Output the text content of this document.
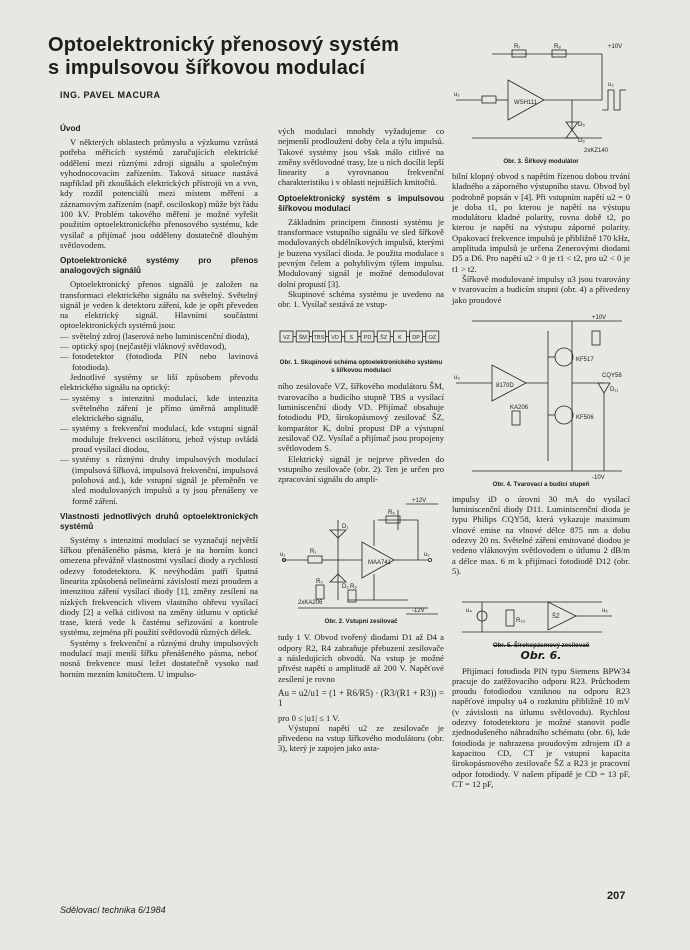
Optoelektronický přenosový systém
s impulsovou šířkovou modulací
ING. PAVEL MACURA
Úvod

V některých oblastech průmyslu a výzkumu vzrůstá potřeba měřicích systémů zaručujících elektrické oddělení mezi různými zdroji signálu a společným vyhodnocovacím zařízením. Taková situace nastává například při zkouškách elektrických přístrojů vn a vvn, kdy rozdíl potenciálů mezi místem měření a záznamovým zařízením (např. osciloskop) může být řádu 100 kV. Problém takového měření je možné vyřešit použitím optoelektronického přenosového systému, kde vysílač a přijímač jsou odděleny dostatečně dlouhým světlovodem.

Optoelektronické systémy pro přenos analogových signálů

Optoelektronický přenos signálů je založen na transformaci elektrického signálu na světelný. Světelný signál je veden k detektoru záření, kde je opět převeden na elektrický signál. Hlavními součástmi optoelektronických systémů jsou:

— světelný zdroj (laserová nebo luminiscenční dioda),
— optický spoj (nejčastěji vláknový světlovod),
— fotodetektor (fotodioda PIN nebo lavinová fotodioda).

Jednotlivé systémy se liší způsobem převodu elektrického signálu na optický:

— systémy s intenzitní modulací, kde intenzita světelného záření je přímo úměrná amplitudě elektrického signálu,
— systémy s frekvenční modulací, kde vstupní signál moduluje frekvenci oscilátoru, jehož výstup ovládá proud vysílací diodou,
— systémy s různými druhy impulsových modulací (impulsová šířková, impulsová frekvenční, impulsová polohová atd.), kde vstupní signál je přeměněn ve sled modulovaných impulsů a ty jsou přenášeny ve formě záření.
Vlastnosti jednotlivých druhů optoelektronických systémů

Systémy s intenzitní modulací se vyznačují největší šířkou přenášeného pásma, která je na horním konci omezena převážně vlastnostmi vysílací diody a rychlostí odezvy fotodetektoru. K nevýhodám patří špatná linearita způsobená nelineární závislostí mezi proudem a intenzitou záření vysílací diody [1], změny zesílení na nízkých frekvencích vlivem vlastního ohřevu vysílací diody [2] a velká citlivost na změny útlumu v optické trase, která vede k častému seřizování a kontrole systému, zejména při použití světlovodů různých délek.

Systémy s frekvenční a různými druhy impulsových modulací mají menší šířku přenášeného pásma, neboť nosná frekvence musí ležet dostatečně vysoko nad horním mezním kmitočtem. U impulso-

vých modulací mnohdy vyžadujeme co nejmenší prodloužení doby čela a týlu impulsů. Takové systémy jsou však málo citlivé na změny světlovodné trasy, lze u nich docílit lepší linearity a vyrovnanou frekvenční charakteristiku i v oblasti nejnižších kmitočtů.

Optoelektronický systém s impulsovou šířkovou modulací

Základním principem činnosti systému je transformace vstupního signálu ve sled šířkově modulovaných obdélníkových impulsů, kterými je buzena vysílací dioda. Je použita modulace s pevným čelem a pohyblivým týlem impulsu. Modulovaný signál je možné demodulovat dolní propustí [3].

Skupinové schéma systému je uvedeno na obr. 1. Vysílač sestává ze vstup-

VZ ŠM TBS VD S PD ŠZ K DP OZ
Obr. 1. Skupinové schéma optoelektronického systému s šířkovou modulací

ního zesilovače VZ, šířkového modulátoru ŠM, tvarovacího a budicího stupně TBS a vysílací luminiscenční diody VD. Přijímač obsahuje fotodiodu PD, širokopásmový zesilovač ŠZ, komparátor K, dolní propust DP a výstupní zesilovač OZ. Vysílač a přijímač jsou propojeny světlovodem S.

Elektrický signál je nejprve přiveden do vstupního zesilovače (obr. 2). Ten je určen pro zpracování signálu do ampli-

u₁	u₂
R₁
R₃
D₁
D₂
MAA741
R₆
R₅
+12V
-12V
2xKA206
Obr. 2. Vstupní zesilovač

tudy 1 V. Obvod tvořený diodami D1 až D4 a odpory R2, R4 zabraňuje přebuzení zesilovače a následujících obvodů. Na vstup je možné přivést napětí o amplitudě až 200 V. Napěťové zesílení je rovno

Au = u2/u1 = (1 + R6/R5) · (R3/(R1 + R3)) = 1
pro 0 ≤ |u1| ≤ 1 V.

Výstupní napětí u2 ze zesilovače je přivedeno na vstup šířkového modulátoru (obr. 3), který je zapojen jako asta-

u₂
R₇	R₈
WSH111
D₅
D₆
2xKZ140
+10V
u₃
Obr. 3. Šířkový modulátor

bilní klopný obvod s napětím řízenou dobou trvání kladného a záporného výstupního stavu. Obvod byl podrobně popsán v [4]. Při vstupním napětí u2 = 0 je doba t1, po kterou je napětí na výstupu modulátoru kladné polarity, rovna době t2, po kterou je napětí na výstupu záporné polarity. Opakovací frekvence impulsů je přibližně 170 kHz, amplituda impulsů je určena Zenerovými diodami D5 a D6. Pro napětí u2 > 0 je t1 < t2, pro u2 < 0 je t1 > t2.

Šířkově modulované impulsy u3 jsou tvarovány v tvarovacím a budicím stupni (obr. 4) a přivedeny jako proudové

u₃
8170D
KF517
KF506
D₁₁
CQY58
+10V
-10V
KA206
Obr. 4. Tvarovací a budicí stupeň

impulsy iD o úrovni 30 mA do vysílací luminiscenční diody D11. Luminiscenční dioda je typu Philips CQY58, která vykazuje maximum vlnové emise na vlnové délce 875 nm a dobu odezvy 20 ns. Světelné záření emitované diodou je vedeno vláknovým světlovodem o útlumu 2 dB/m a délce max. 6 m k přijímací fotodiodě D12 (obr. 5).

R₂₃
ŠZ
u₅
u₄
Obr. 5. Širokopásmový zesilovač
Obr. 6.

Přijímací fotodioda PIN typu Siemens BPW34 pracuje do zatěžovacího odporu R23. Průchodem proudu fotodiodou vzniknou na odporu R23 napěťové impulsy u4 o rozkmitu přibližně 10 mV (v závislosti na útlumu světlovodu). Rychlost odezvy fotodetektoru je možné stanovit podle zjednodušeného náhradního schématu (obr. 6), kde fotodioda je nahrazena proudovým zdrojem iD a kapacitou CD, CT je vstupní kapacita širokopásmového zesilovače ŠZ a R23 je pracovní odpor fotodiody. V našem případě je CD = 13 pF, CT = 12 pF,

Sdělovací technika 6/1984
207
